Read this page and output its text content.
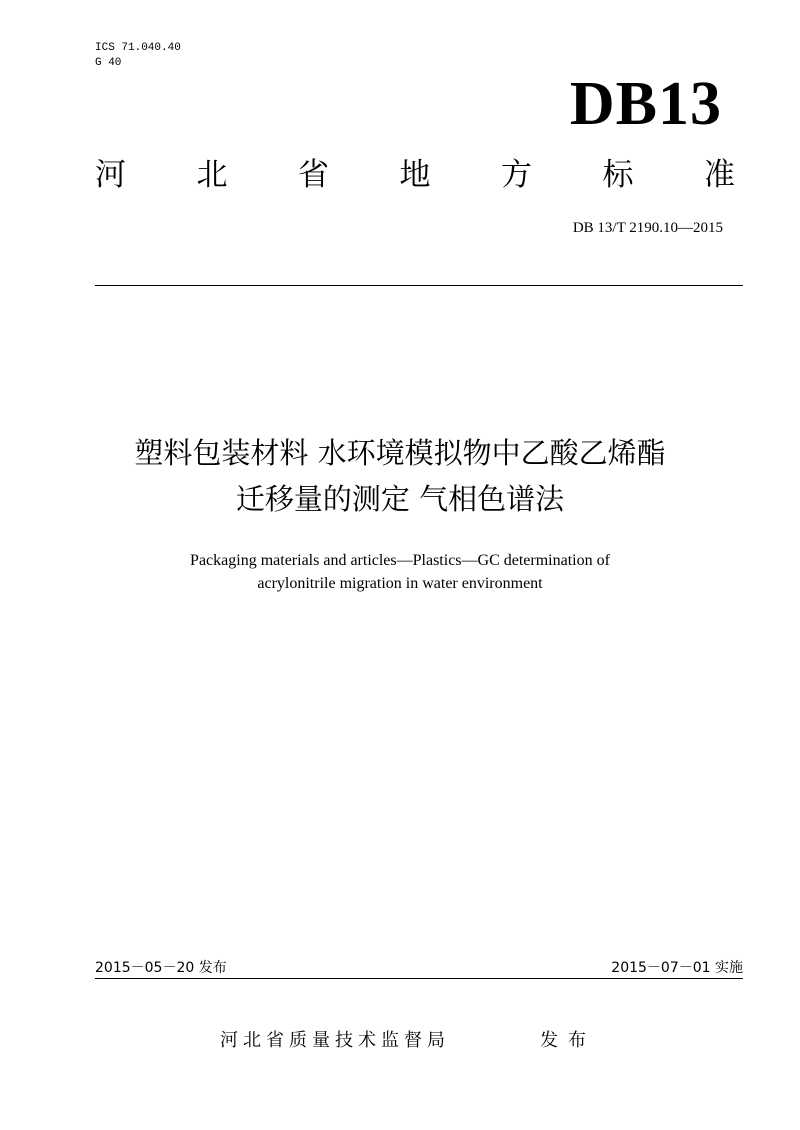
ICS 71.040.40
G 40
DB13
河 北 省 地 方 标 准
DB 13/T 2190.10—2015
塑料包装材料 水环境模拟物中乙酸乙烯酯
迁移量的测定 气相色谱法
Packaging materials and articles—Plastics—GC determination of
acrylonitrile migration in water environment
2015－05－20 发布	2015－07－01 实施
河北省质量技术监督局	发布
